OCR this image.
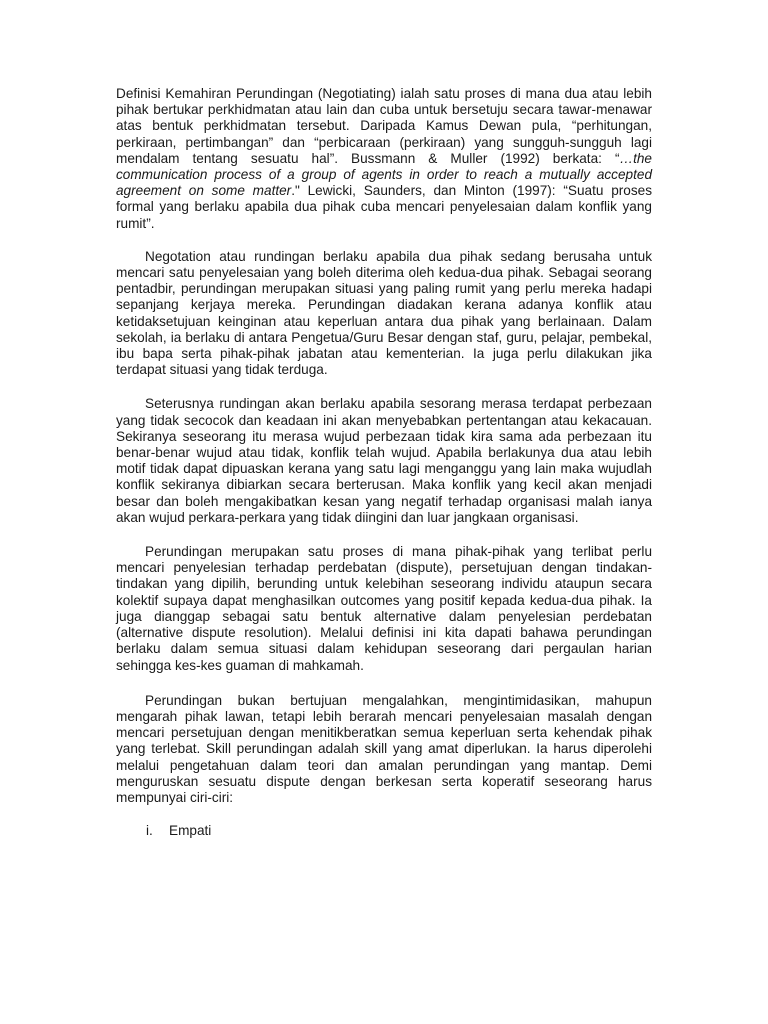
Definisi Kemahiran Perundingan (Negotiating) ialah satu proses di mana dua atau lebih pihak bertukar perkhidmatan atau lain dan cuba untuk bersetuju secara tawar-menawar atas bentuk perkhidmatan tersebut. Daripada Kamus Dewan pula, “perhitungan, perkiraan, pertimbangan” dan “perbicaraan (perkiraan) yang sungguh-sungguh lagi mendalam tentang sesuatu hal”. Bussmann & Muller (1992) berkata: “…the communication process of a group of agents in order to reach a mutually accepted agreement on some matter." Lewicki, Saunders, dan Minton (1997): “Suatu proses formal yang berlaku apabila dua pihak cuba mencari penyelesaian dalam konflik yang rumit”.

Negotation atau rundingan berlaku apabila dua pihak sedang berusaha untuk mencari satu penyelesaian yang boleh diterima oleh kedua-dua pihak. Sebagai seorang pentadbir, perundingan merupakan situasi yang paling rumit yang perlu mereka hadapi sepanjang kerjaya mereka. Perundingan diadakan kerana adanya konflik atau ketidaksetujuan keinginan atau keperluan antara dua pihak yang berlainaan. Dalam sekolah, ia berlaku di antara Pengetua/Guru Besar dengan staf, guru, pelajar, pembekal, ibu bapa serta pihak-pihak jabatan atau kementerian. Ia juga perlu dilakukan jika terdapat situasi yang tidak terduga.

Seterusnya rundingan akan berlaku apabila sesorang merasa terdapat perbezaan yang tidak secocok dan keadaan ini akan menyebabkan pertentangan atau kekacauan. Sekiranya seseorang itu merasa wujud perbezaan tidak kira sama ada perbezaan itu benar-benar wujud atau tidak, konflik telah wujud. Apabila berlakunya dua atau lebih motif tidak dapat dipuaskan kerana yang satu lagi menganggu yang lain maka wujudlah konflik sekiranya dibiarkan secara berterusan. Maka konflik yang kecil akan menjadi besar dan boleh mengakibatkan kesan yang negatif terhadap organisasi malah ianya akan wujud perkara-perkara yang tidak diingini dan luar jangkaan organisasi.

Perundingan merupakan satu proses di mana pihak-pihak yang terlibat perlu mencari penyelesian terhadap perdebatan (dispute), persetujuan dengan tindakan-tindakan yang dipilih, berunding untuk kelebihan seseorang individu ataupun secara kolektif supaya dapat menghasilkan outcomes yang positif kepada kedua-dua pihak. Ia juga dianggap sebagai satu bentuk alternative dalam penyelesian perdebatan (alternative dispute resolution). Melalui definisi ini kita dapati bahawa perundingan berlaku dalam semua situasi dalam kehidupan seseorang dari pergaulan harian sehingga kes-kes guaman di mahkamah.

Perundingan bukan bertujuan mengalahkan, mengintimidasikan, mahupun mengarah pihak lawan, tetapi lebih berarah mencari penyelesaian masalah dengan mencari persetujuan dengan menitikberatkan semua keperluan serta kehendak pihak yang terlebat. Skill perundingan adalah skill yang amat diperlukan. Ia harus diperolehi melalui pengetahuan dalam teori dan amalan perundingan yang mantap. Demi menguruskan sesuatu dispute dengan berkesan serta koperatif seseorang harus mempunyai ciri-ciri:

i. Empati
